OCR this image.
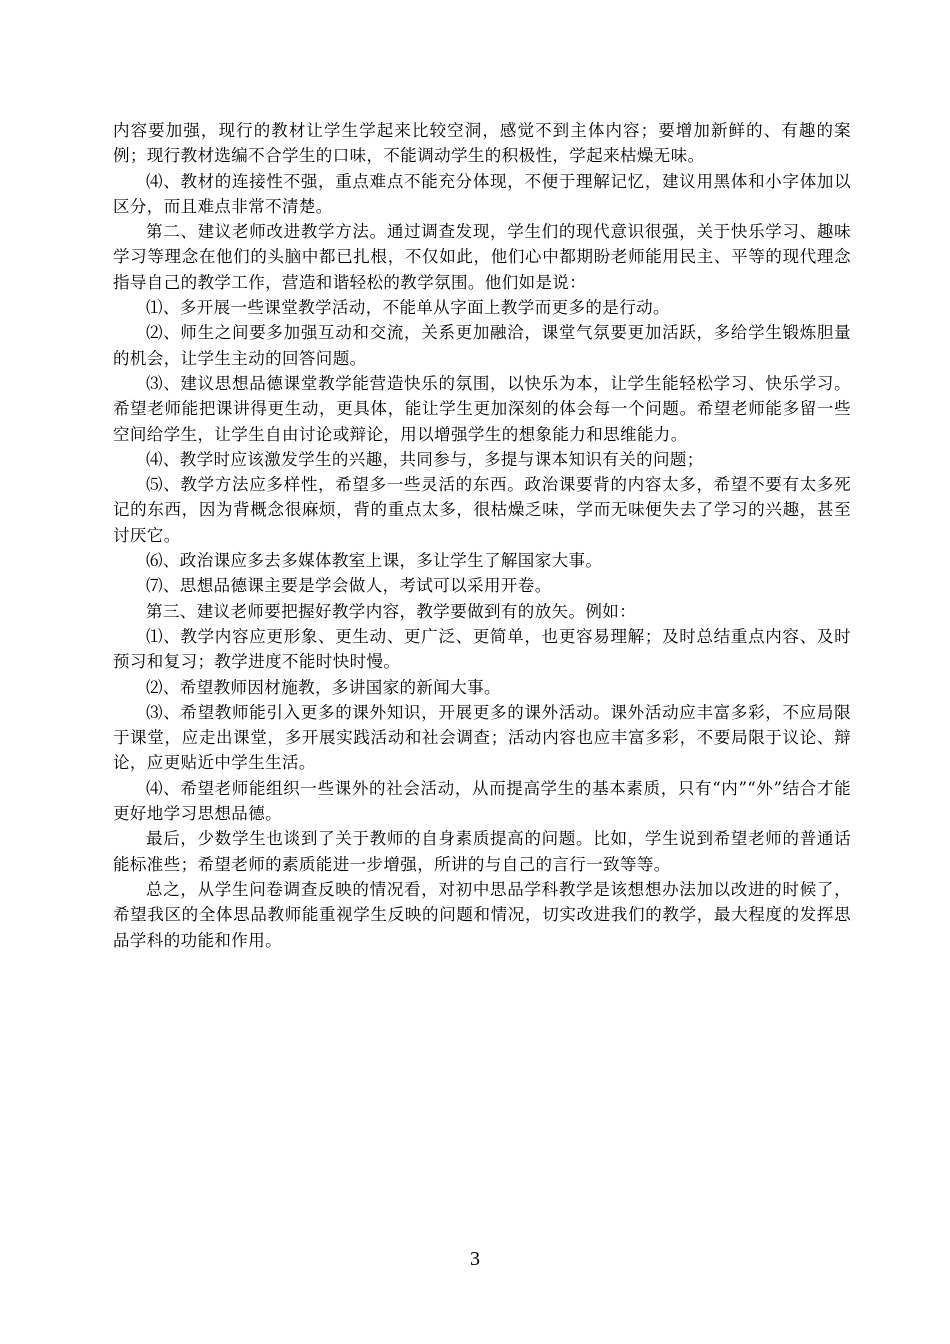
内容要加强，现行的教材让学生学起来比较空洞，感觉不到主体内容；要增加新鲜的、有趣的案例；现行教材选编不合学生的口味，不能调动学生的积极性，学起来枯燥无味。

⑷、教材的连接性不强，重点难点不能充分体现，不便于理解记忆，建议用黑体和小字体加以区分，而且难点非常不清楚。

第二、建议老师改进教学方法。通过调查发现，学生们的现代意识很强，关于快乐学习、趣味学习等理念在他们的头脑中都已扎根，不仅如此，他们心中都期盼老师能用民主、平等的现代理念指导自己的教学工作，营造和谐轻松的教学氛围。他们如是说：

⑴、多开展一些课堂教学活动，不能单从字面上教学而更多的是行动。

⑵、师生之间要多加强互动和交流，关系更加融洽，课堂气氛要更加活跃，多给学生锻炼胆量的机会，让学生主动的回答问题。

⑶、建议思想品德课堂教学能营造快乐的氛围，以快乐为本，让学生能轻松学习、快乐学习。希望老师能把课讲得更生动，更具体，能让学生更加深刻的体会每一个问题。希望老师能多留一些空间给学生，让学生自由讨论或辩论，用以增强学生的想象能力和思维能力。

⑷、教学时应该激发学生的兴趣，共同参与，多提与课本知识有关的问题；

⑸、教学方法应多样性，希望多一些灵活的东西。政治课要背的内容太多，希望不要有太多死记的东西，因为背概念很麻烦，背的重点太多，很枯燥乏味，学而无味便失去了学习的兴趣，甚至讨厌它。

⑹、政治课应多去多媒体教室上课，多让学生了解国家大事。

⑺、思想品德课主要是学会做人，考试可以采用开卷。

第三、建议老师要把握好教学内容，教学要做到有的放矢。例如：

⑴、教学内容应更形象、更生动、更广泛、更简单，也更容易理解；及时总结重点内容、及时预习和复习；教学进度不能时快时慢。

⑵、希望教师因材施教，多讲国家的新闻大事。

⑶、希望教师能引入更多的课外知识，开展更多的课外活动。课外活动应丰富多彩，不应局限于课堂，应走出课堂，多开展实践活动和社会调查；活动内容也应丰富多彩，不要局限于议论、辩论，应更贴近中学生生活。

⑷、希望老师能组织一些课外的社会活动，从而提高学生的基本素质，只有“内”“外”结合才能更好地学习思想品德。

最后，少数学生也谈到了关于教师的自身素质提高的问题。比如，学生说到希望老师的普通话能标准些；希望老师的素质能进一步增强，所讲的与自己的言行一致等等。

总之，从学生问卷调查反映的情况看，对初中思品学科教学是该想想办法加以改进的时候了，希望我区的全体思品教师能重视学生反映的问题和情况，切实改进我们的教学，最大程度的发挥思品学科的功能和作用。

3
